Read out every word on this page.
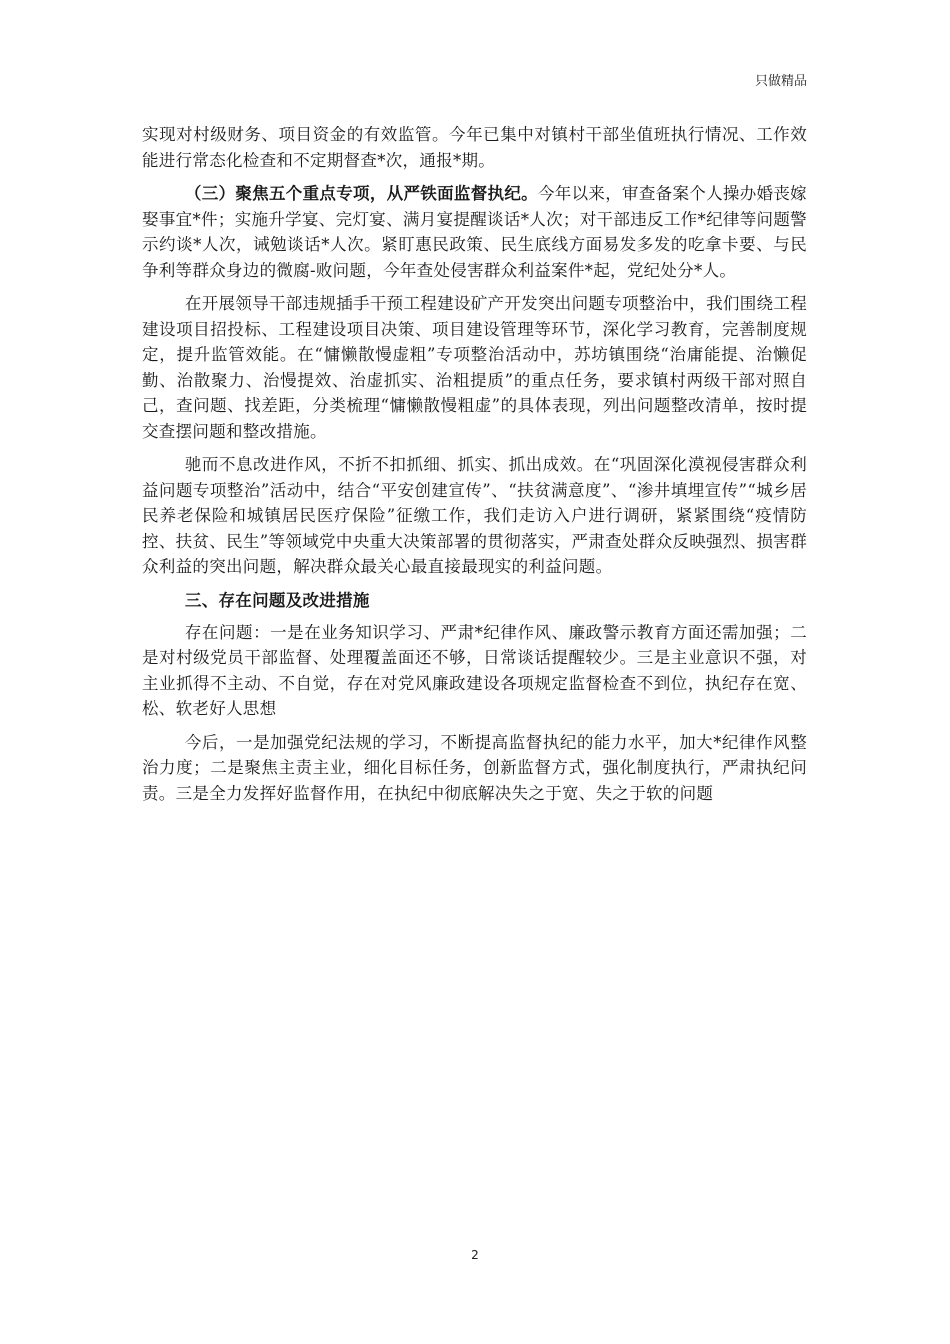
只做精品

实现对村级财务、项目资金的有效监管。今年已集中对镇村干部坐值班执行情况、工作效能进行常态化检查和不定期督查*次，通报*期。

（三）聚焦五个重点专项，从严铁面监督执纪。今年以来，审查备案个人操办婚丧嫁娶事宜*件；实施升学宴、完灯宴、满月宴提醒谈话*人次；对干部违反工作*纪律等问题警示约谈*人次，诫勉谈话*人次。紧盯惠民政策、民生底线方面易发多发的吃拿卡要、与民争利等群众身边的微腐-败问题，今年查处侵害群众利益案件*起，党纪处分*人。

在开展领导干部违规插手干预工程建设矿产开发突出问题专项整治中，我们围绕工程建设项目招投标、工程建设项目决策、项目建设管理等环节，深化学习教育，完善制度规定，提升监管效能。在“慵懒散慢虚粗”专项整治活动中，苏坊镇围绕“治庸能提、治懒促勤、治散聚力、治慢提效、治虚抓实、治粗提质”的重点任务，要求镇村两级干部对照自己，查问题、找差距，分类梳理“慵懒散慢粗虚”的具体表现，列出问题整改清单，按时提交查摆问题和整改措施。

驰而不息改进作风，不折不扣抓细、抓实、抓出成效。在“巩固深化漠视侵害群众利益问题专项整治”活动中，结合“平安创建宣传”、“扶贫满意度”、“渗井填埋宣传”“城乡居民养老保险和城镇居民医疗保险”征缴工作，我们走访入户进行调研，紧紧围绕“疫情防控、扶贫、民生”等领域党中央重大决策部署的贯彻落实，严肃查处群众反映强烈、损害群众利益的突出问题，解决群众最关心最直接最现实的利益问题。

三、存在问题及改进措施

存在问题：一是在业务知识学习、严肃*纪律作风、廉政警示教育方面还需加强；二是对村级党员干部监督、处理覆盖面还不够，日常谈话提醒较少。三是主业意识不强，对主业抓得不主动、不自觉，存在对党风廉政建设各项规定监督检查不到位，执纪存在宽、松、软老好人思想

今后，一是加强党纪法规的学习，不断提高监督执纪的能力水平，加大*纪律作风整治力度；二是聚焦主责主业，细化目标任务，创新监督方式，强化制度执行，严肃执纪问责。三是全力发挥好监督作用，在执纪中彻底解决失之于宽、失之于软的问题

2
